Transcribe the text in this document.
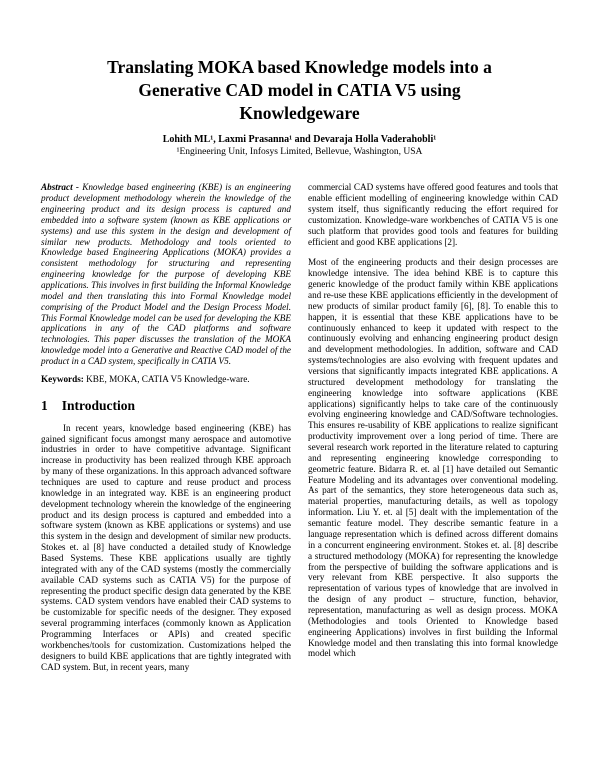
Translating MOKA based Knowledge models into a Generative CAD model in CATIA V5 using Knowledgeware
Lohith ML¹, Laxmi Prasanna¹ and Devaraja Holla Vaderahobli¹
¹Engineering Unit, Infosys Limited, Bellevue, Washington, USA

Abstract - Knowledge based engineering (KBE) is an engineering product development methodology wherein the knowledge of the engineering product and its design process is captured and embedded into a software system (known as KBE applications or systems) and use this system in the design and development of similar new products. Methodology and tools oriented to Knowledge based Engineering Applications (MOKA) provides a consistent methodology for structuring and representing engineering knowledge for the purpose of developing KBE applications. This involves in first building the Informal Knowledge model and then translating this into Formal Knowledge model comprising of the Product Model and the Design Process Model. This Formal Knowledge model can be used for developing the KBE applications in any of the CAD platforms and software technologies. This paper discusses the translation of the MOKA knowledge model into a Generative and Reactive CAD model of the product in a CAD system, specifically in CATIA V5.

Keywords: KBE, MOKA, CATIA V5 Knowledge-ware.

1 Introduction

In recent years, knowledge based engineering (KBE) has gained significant focus amongst many aerospace and automotive industries in order to have competitive advantage. Significant increase in productivity has been realized through KBE approach by many of these organizations. In this approach advanced software techniques are used to capture and reuse product and process knowledge in an integrated way. KBE is an engineering product development technology wherein the knowledge of the engineering product and its design process is captured and embedded into a software system (known as KBE applications or systems) and use this system in the design and development of similar new products. Stokes et. al [8] have conducted a detailed study of Knowledge Based Systems. These KBE applications usually are tightly integrated with any of the CAD systems (mostly the commercially available CAD systems such as CATIA V5) for the purpose of representing the product specific design data generated by the KBE systems. CAD system vendors have enabled their CAD systems to be customizable for specific needs of the designer. They exposed several programming interfaces (commonly known as Application Programming Interfaces or APIs) and created specific workbenches/tools for customization. Customizations helped the designers to build KBE applications that are tightly integrated with CAD system. But, in recent years, many

commercial CAD systems have offered good features and tools that enable efficient modelling of engineering knowledge within CAD system itself, thus significantly reducing the effort required for customization. Knowledge-ware workbenches of CATIA V5 is one such platform that provides good tools and features for building efficient and good KBE applications [2].

Most of the engineering products and their design processes are knowledge intensive. The idea behind KBE is to capture this generic knowledge of the product family within KBE applications and re-use these KBE applications efficiently in the development of new products of similar product family [6], [8]. To enable this to happen, it is essential that these KBE applications have to be continuously enhanced to keep it updated with respect to the continuously evolving and enhancing engineering product design and development methodologies. In addition, software and CAD systems/technologies are also evolving with frequent updates and versions that significantly impacts integrated KBE applications. A structured development methodology for translating the engineering knowledge into software applications (KBE applications) significantly helps to take care of the continuously evolving engineering knowledge and CAD/Software technologies. This ensures re-usability of KBE applications to realize significant productivity improvement over a long period of time. There are several research work reported in the literature related to capturing and representing engineering knowledge corresponding to geometric feature. Bidarra R. et. al [1] have detailed out Semantic Feature Modeling and its advantages over conventional modeling. As part of the semantics, they store heterogeneous data such as, material properties, manufacturing details, as well as topology information. Liu Y. et. al [5] dealt with the implementation of the semantic feature model. They describe semantic feature in a language representation which is defined across different domains in a concurrent engineering environment. Stokes et. al. [8] describe a structured methodology (MOKA) for representing the knowledge from the perspective of building the software applications and is very relevant from KBE perspective. It also supports the representation of various types of knowledge that are involved in the design of any product – structure, function, behavior, representation, manufacturing as well as design process. MOKA (Methodologies and tools Oriented to Knowledge based engineering Applications) involves in first building the Informal Knowledge model and then translating this into formal knowledge model which
